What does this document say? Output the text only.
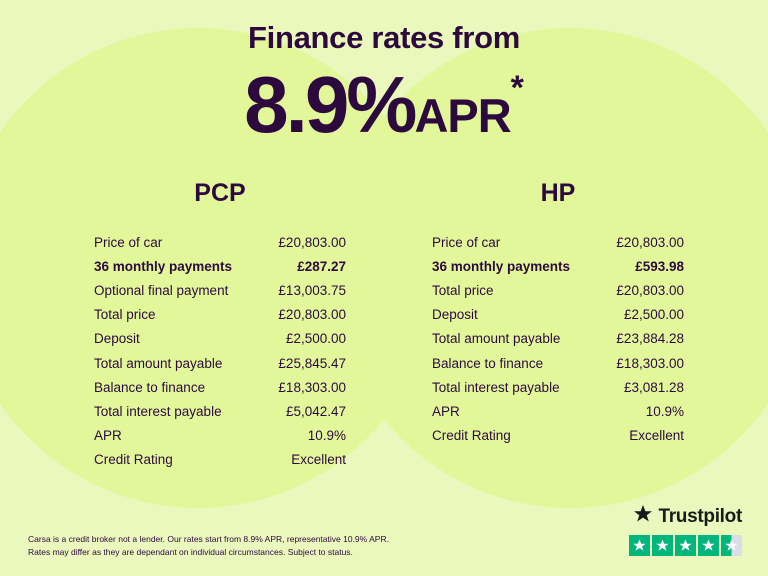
Finance rates from
8.9%APR*
PCP
Price of car	£20,803.00
36 monthly payments	£287.27
Optional final payment	£13,003.75
Total price	£20,803.00
Deposit	£2,500.00
Total amount payable	£25,845.47
Balance to finance	£18,303.00
Total interest payable	£5,042.47
APR	10.9%
Credit Rating	Excellent
HP
Price of car	£20,803.00
36 monthly payments	£593.98
Total price	£20,803.00
Deposit	£2,500.00
Total amount payable	£23,884.28
Balance to finance	£18,303.00
Total interest payable	£3,081.28
APR	10.9%
Credit Rating	Excellent
Carsa is a credit broker not a lender. Our rates start from 8.9% APR, representative 10.9% APR.
Rates may differ as they are dependant on individual circumstances. Subject to status.
Trustpilot
